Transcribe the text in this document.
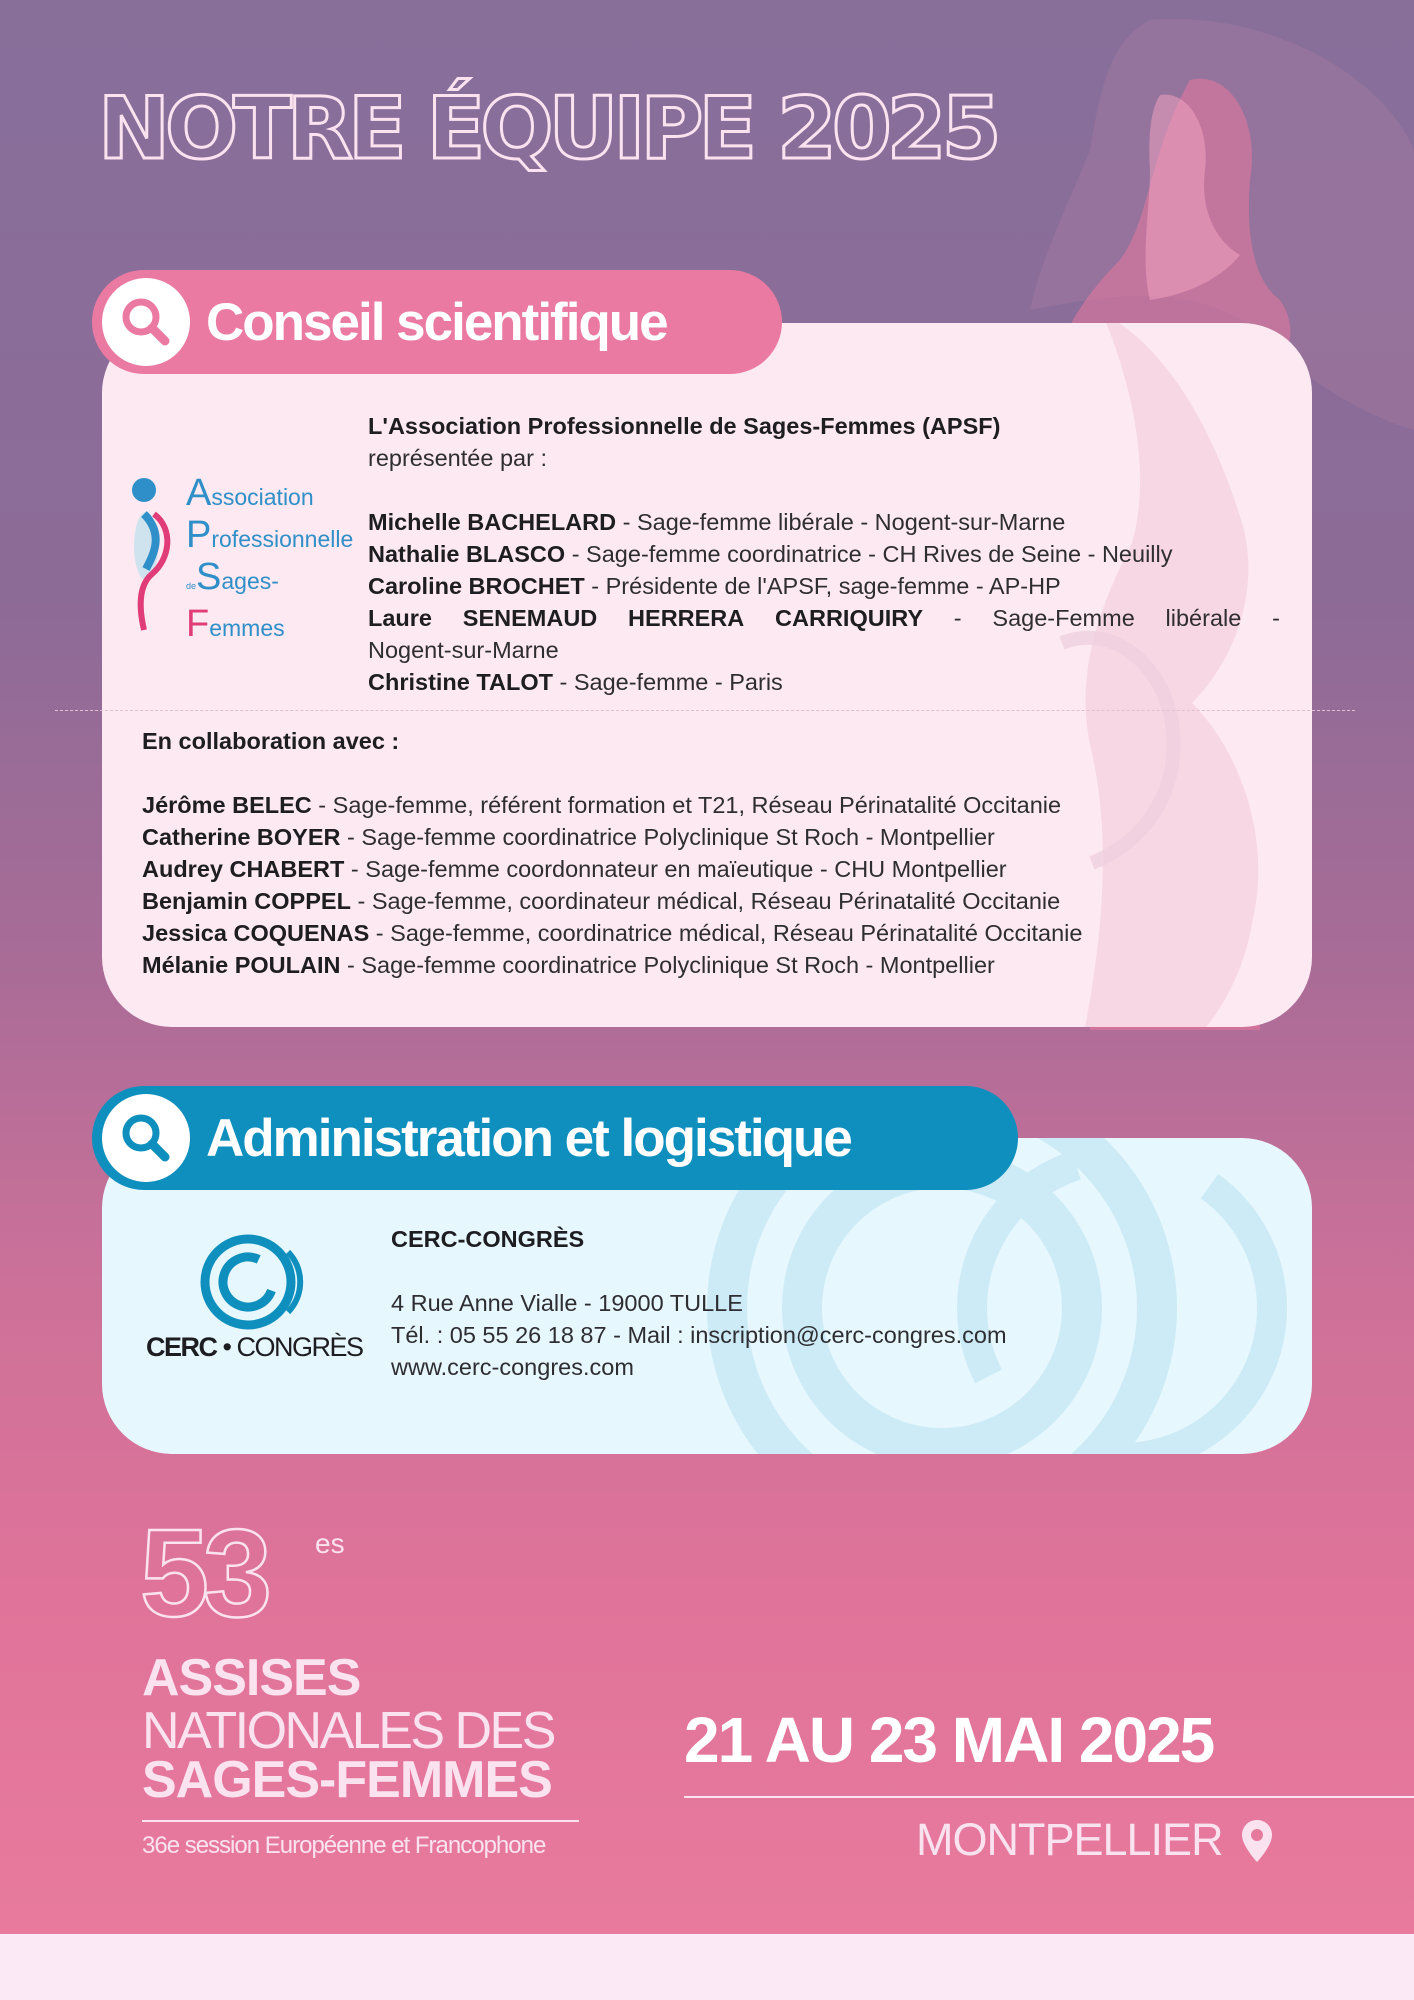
NOTRE ÉQUIPE 2025
Conseil scientifique
Association
Professionnelle
deSages-
Femmes

L'Association Professionnelle de Sages-Femmes (APSF)

représentée par :

Michelle BACHELARD - Sage-femme libérale - Nogent-sur-Marne

Nathalie BLASCO - Sage-femme coordinatrice - CH Rives de Seine - Neuilly

Caroline BROCHET - Présidente de l'APSF, sage-femme - AP-HP

Laure SENEMAUD HERRERA CARRIQUIRY - Sage-Femme libérale -

Nogent-sur-Marne

Christine TALOT - Sage-femme - Paris

En collaboration avec :

Jérôme BELEC - Sage-femme, référent formation et T21, Réseau Périnatalité Occitanie

Catherine BOYER - Sage-femme coordinatrice Polyclinique St Roch - Montpellier

Audrey CHABERT - Sage-femme coordonnateur en maïeutique - CHU Montpellier

Benjamin COPPEL - Sage-femme, coordinateur médical, Réseau Périnatalité Occitanie

Jessica COQUENAS - Sage-femme, coordinatrice médical, Réseau Périnatalité Occitanie

Mélanie POULAIN - Sage-femme coordinatrice Polyclinique St Roch - Montpellier

Administration et logistique
CERC • CONGRÈS

CERC-CONGRÈS

4 Rue Anne Vialle - 19000 TULLE

Tél. : 05 55 26 18 87 - Mail : inscription@cerc-congres.com

www.cerc-congres.com

53 es
ASSISES
NATIONALES DES
SAGES-FEMMES
36e session Européenne et Francophone
21 AU 23 MAI 2025
MONTPELLIER
